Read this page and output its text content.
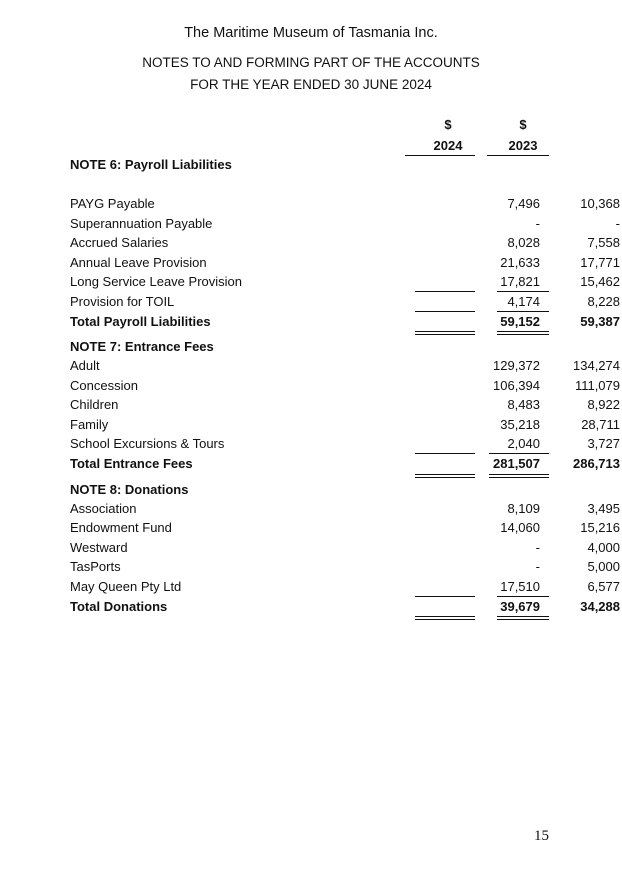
The Maritime Museum of Tasmania Inc.
NOTES TO AND FORMING PART OF THE ACCOUNTS
FOR THE YEAR ENDED 30 JUNE 2024
$	$
2024	2023
NOTE 6: Payroll Liabilities
PAYG Payable	7,496	10,368
Superannuation Payable	-	-
Accrued Salaries	8,028	7,558
Annual Leave Provision	21,633	17,771
Long Service Leave Provision	17,821	15,462
Provision for TOIL	4,174	8,228
Total Payroll Liabilities	59,152	59,387
NOTE 7: Entrance Fees
Adult	129,372	134,274
Concession	106,394	111,079
Children	8,483	8,922
Family	35,218	28,711
School Excursions & Tours	2,040	3,727
Total Entrance Fees	281,507	286,713
NOTE 8: Donations
Association	8,109	3,495
Endowment Fund	14,060	15,216
Westward	-	4,000
TasPorts	-	5,000
May Queen Pty Ltd	17,510	6,577
Total Donations	39,679	34,288
15
